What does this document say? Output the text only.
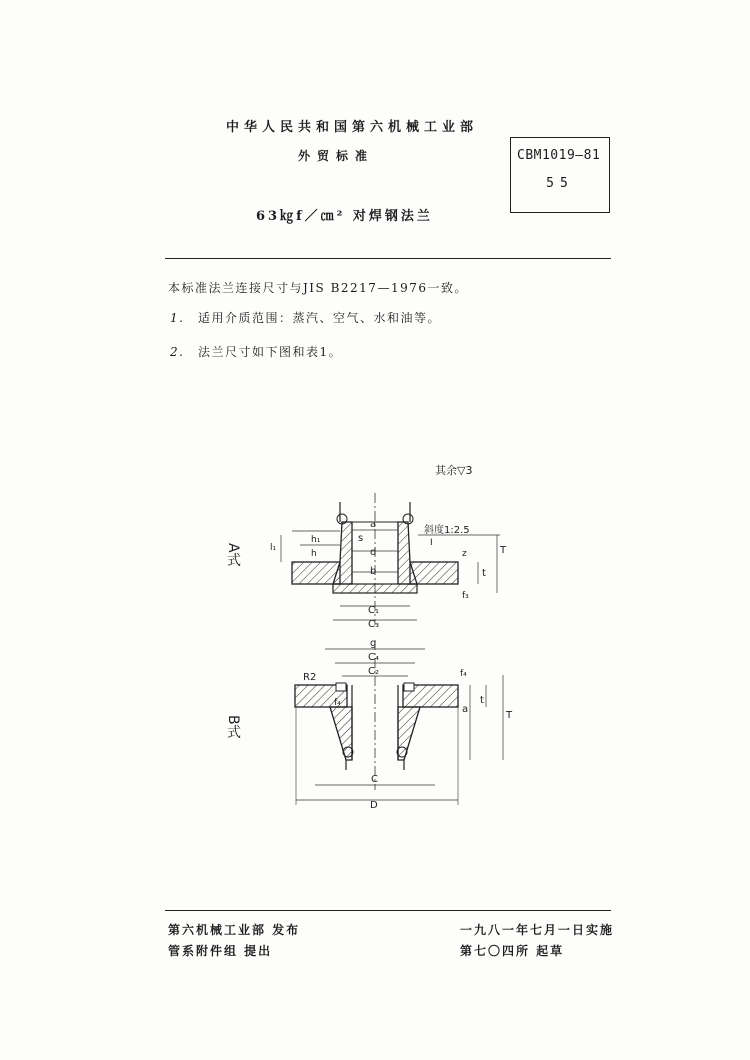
中华人民共和国第六机械工业部
外贸标准
63㎏f／㎝² 对焊钢法兰
CBM1019—81
55
本标准法兰连接尺寸与JIS B2217—1976一致。
1. 适用介质范围：蒸汽、空气、水和油等。
2. 法兰尺寸如下图和表1。
其余▽3
A式
s
a
d
b
h₁
h
l₁
斜度1:2.5
I
z
t
T
f₃
C₁
C₃
B式
g
C₄
C₂
R2
f₄
f₄
a
t
T
C
D
第六机械工业部 发布
管系附件组 提出
一九八一年七月一日实施
第七〇四所 起草
